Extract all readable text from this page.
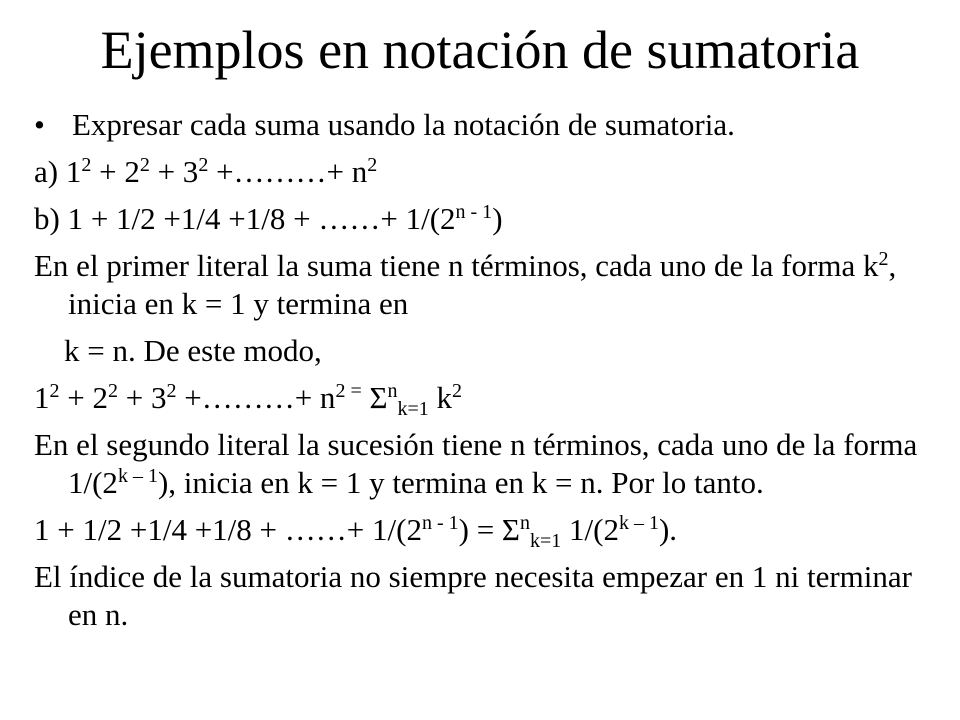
Ejemplos en notación de sumatoria
• Expresar cada suma usando la notación de sumatoria.
a) $1^2 + 2^2 + 3^2$ +………+ $n^2$
b) 1 + 1/2 +1/4 +1/8 + ……+ $1/(2^{n - 1})$
En el primer literal la suma tiene n términos, cada uno de la forma $k^2$, inicia en k = 1 y termina en
k = n. De este modo,
$1^2 + 2^2 + 3^2$ +………+ $n^{2 =}$ $\Sigma^n_{k=1}$ $k^2$
En el segundo literal la sucesión tiene n términos, cada uno de la forma 1/(2$^{k - 1}$), inicia en k = 1 y termina en k = n. Por lo tanto.
1 + 1/2 +1/4 +1/8 + ……+ $1/(2^{n - 1}) = \Sigma^n_{k=1}$ 1/(2$^{k - 1}$).
El índice de la sumatoria no siempre necesita empezar en 1 ni terminar en n.
